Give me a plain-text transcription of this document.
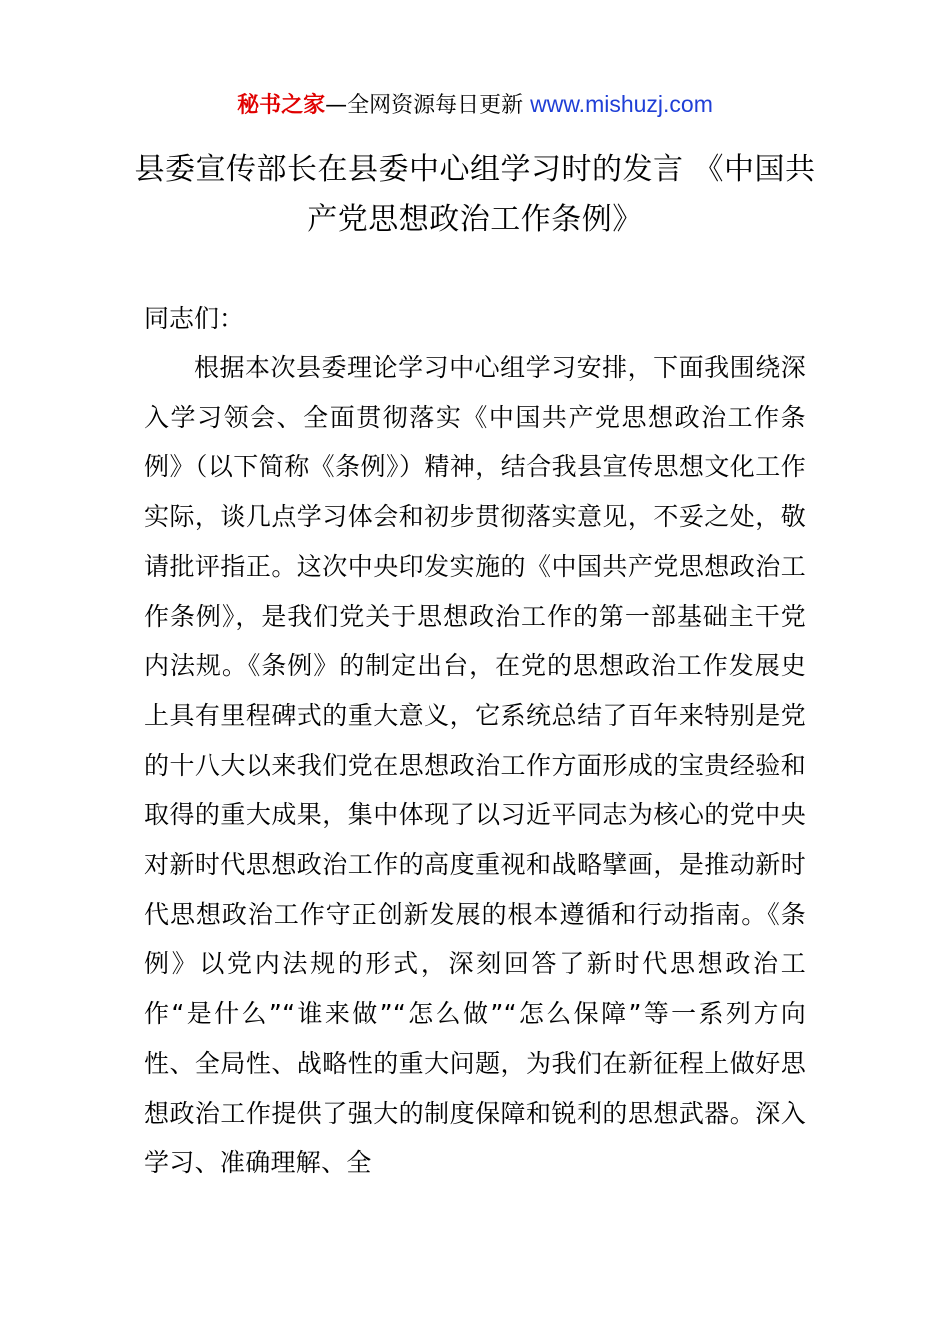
秘书之家—全网资源每日更新 www.mishuzj.com
县委宣传部长在县委中心组学习时的发言 《中国共产党思想政治工作条例》

同志们：

根据本次县委理论学习中心组学习安排，下面我围绕深入学习领会、全面贯彻落实《中国共产党思想政治工作条例》（以下简称《条例》）精神，结合我县宣传思想文化工作实际，谈几点学习体会和初步贯彻落实意见，不妥之处，敬请批评指正。这次中央印发实施的《中国共产党思想政治工作条例》，是我们党关于思想政治工作的第一部基础主干党内法规。《条例》的制定出台，在党的思想政治工作发展史上具有里程碑式的重大意义，它系统总结了百年来特别是党的十八大以来我们党在思想政治工作方面形成的宝贵经验和取得的重大成果，集中体现了以习近平同志为核心的党中央对新时代思想政治工作的高度重视和战略擘画，是推动新时代思想政治工作守正创新发展的根本遵循和行动指南。《条例》以党内法规的形式，深刻回答了新时代思想政治工作“是什么”“谁来做”“怎么做”“怎么保障”等一系列方向性、全局性、战略性的重大问题，为我们在新征程上做好思想政治工作提供了强大的制度保障和锐利的思想武器。深入学习、准确理解、全
